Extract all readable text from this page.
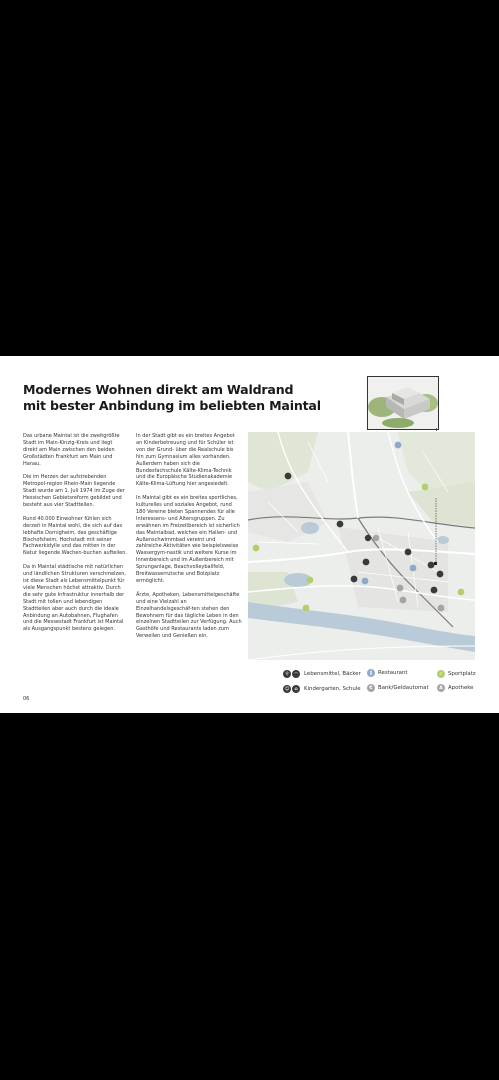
Modernes Wohnen direkt am Waldrand
mit bester Anbindung im beliebten Maintal

Das urbane Maintal ist die zweitgrößte Stadt im Main-Kinzig-Kreis und liegt direkt am Main zwischen den beiden Großstädten Frankfurt am Main und Hanau.

Die im Herzen der aufstrebenden Metropol-region Rhein-Main liegende Stadt wurde am 1. Juli 1974 im Zuge der Hessischen Gebietsreform gebildet und besteht aus vier Stadtteilen.

Rund 40.000 Einwohner fühlen sich derzeit in Maintal wohl, die sich auf das lebhafte Dornigheim, das geschäftige Bischofsheim, Hochstadt mit seiner Fachwerkidylle und das mitten in der Natur liegende Wachen-buchen aufteilen.

Da in Maintal städtische mit natürlichen und ländlichen Strukturen verschmelzen, ist diese Stadt als Lebensmittelpunkt für viele Menschen höchst attraktiv. Durch die sehr gute Infrastruktur innerhalb der Stadt mit tollen und lebendigen Stadtteilen aber auch durch die ideale Anbindung an Autobahnen, Flughafen und die Messestadt Frankfurt ist Maintal als Ausgangspunkt bestens gelegen.

In der Stadt gibt es ein breites Angebot an Kinderbetreuung und für Schüler ist von der Grund- über die Realschule bis hin zum Gymnasium alles vorhanden. Außerdem haben sich die Bundesfachschule Kälte-Klima-Technik und die Europäische Studienakademie Kälte-Klima-Lüftung hier angesiedelt.

In Maintal gibt es ein breites sportliches, kulturelles und soziales Angebot, rund 180 Vereine bieten Spannendes für alle Interessens- und Altersgruppen. Zu erwähnen im Freizeitbereich ist sicherlich das Maintalbad, welches ein Hallen- und Außenschwimmbad vereint und zahlreiche Aktivitäten wie beispielsweise Wassergym-nastik und weitere Kurse im Innenbereich und im Außenbereich mit Sprunganlage, Beachvolleyballfeld, Breitwasserrutsche und Bolzplatz ermöglicht.

Ärzte, Apotheken, Lebensmittelgeschäfte und eine Vielzahl an Einzelhandelsgeschäf-ten stehen den Bewohnern für das tägliche Leben in den einzelnen Stadtteilen zur Verfügung. Auch Gasthöfe und Restaurants laden zum Verweilen und Genießen ein.

06
⚲	◠	Lebensmittel, Bäcker
☺	⌂	Kindergarten, Schule
∥	Restaurant
€	Bank/Geldautomat
✓ Sportplatz
A Apotheke
